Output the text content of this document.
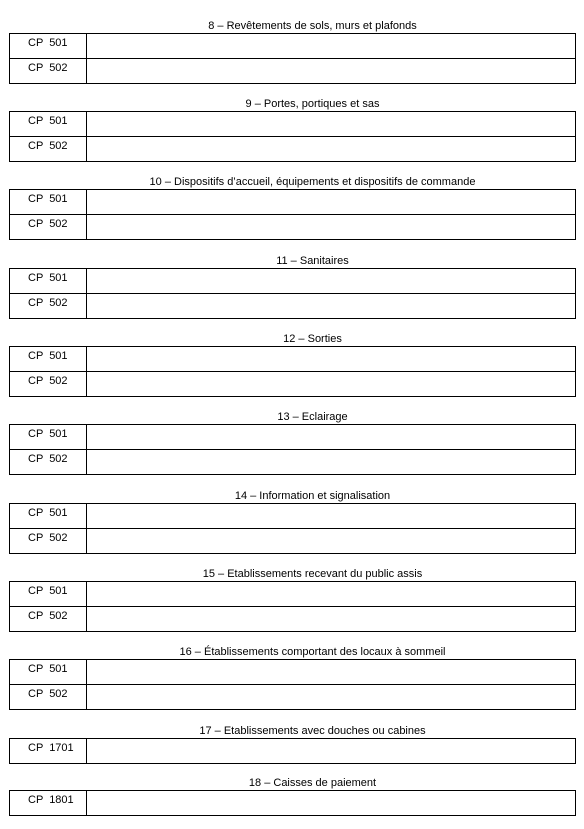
8 – Revêtements de sols, murs et plafonds
CP  501	
CP  502	
9 – Portes, portiques et sas
CP  501	
CP  502	
10 – Dispositifs d’accueil, équipements et dispositifs de commande
CP  501	
CP  502	
11 – Sanitaires
CP  501	
CP  502	
12 – Sorties
CP  501	
CP  502	
13 – Eclairage
CP  501	
CP  502	
14 – Information et signalisation
CP  501	
CP  502	
15 – Etablissements recevant du public assis
CP  501	
CP  502	
16 – Établissements comportant des locaux à sommeil
CP  501	
CP  502	
17 – Etablissements avec douches ou cabines
CP  1701	
18 – Caisses de paiement
CP  1801	
